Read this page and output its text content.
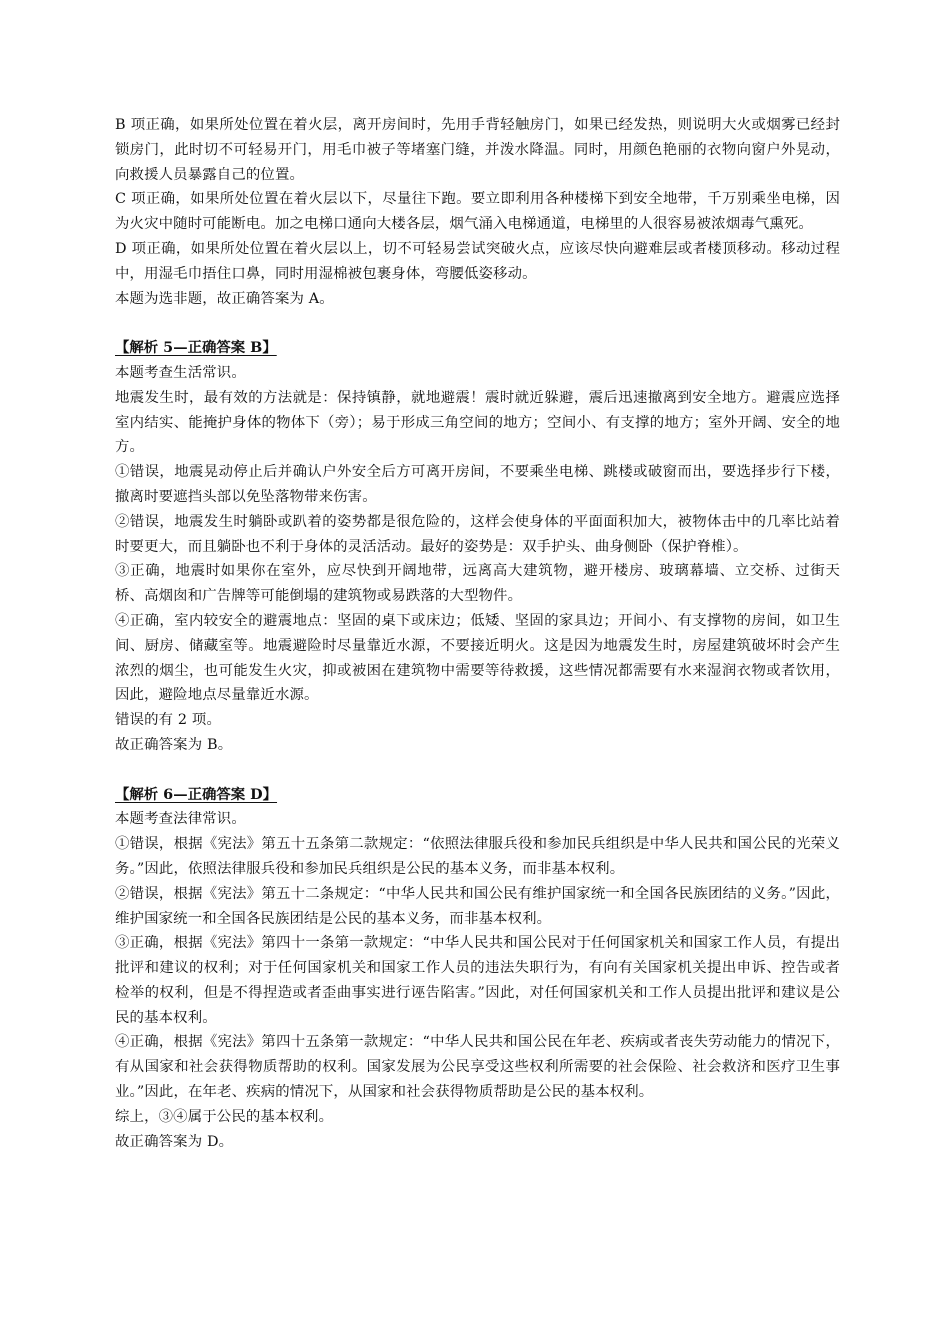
B 项正确，如果所处位置在着火层，离开房间时，先用手背轻触房门，如果已经发热，则说明大火或烟雾已经封锁房门，此时切不可轻易开门，用毛巾被子等堵塞门缝，并泼水降温。同时，用颜色艳丽的衣物向窗户外晃动，向救援人员暴露自己的位置。

C 项正确，如果所处位置在着火层以下，尽量往下跑。要立即利用各种楼梯下到安全地带，千万别乘坐电梯，因为火灾中随时可能断电。加之电梯口通向大楼各层，烟气涌入电梯通道，电梯里的人很容易被浓烟毒气熏死。

D 项正确，如果所处位置在着火层以上，切不可轻易尝试突破火点，应该尽快向避难层或者楼顶移动。移动过程中，用湿毛巾捂住口鼻，同时用湿棉被包裹身体，弯腰低姿移动。

本题为选非题，故正确答案为 A。

【解析 5—正确答案 B】

本题考查生活常识。

地震发生时，最有效的方法就是：保持镇静，就地避震！震时就近躲避，震后迅速撤离到安全地方。避震应选择室内结实、能掩护身体的物体下（旁）；易于形成三角空间的地方；空间小、有支撑的地方；室外开阔、安全的地方。

①错误，地震晃动停止后并确认户外安全后方可离开房间，不要乘坐电梯、跳楼或破窗而出，要选择步行下楼，撤离时要遮挡头部以免坠落物带来伤害。

②错误，地震发生时躺卧或趴着的姿势都是很危险的，这样会使身体的平面面积加大，被物体击中的几率比站着时要更大，而且躺卧也不利于身体的灵活活动。最好的姿势是：双手护头、曲身侧卧（保护脊椎）。

③正确，地震时如果你在室外，应尽快到开阔地带，远离高大建筑物，避开楼房、玻璃幕墙、立交桥、过街天桥、高烟囱和广告牌等可能倒塌的建筑物或易跌落的大型物件。

④正确，室内较安全的避震地点：坚固的桌下或床边；低矮、坚固的家具边；开间小、有支撑物的房间，如卫生间、厨房、储藏室等。地震避险时尽量靠近水源，不要接近明火。这是因为地震发生时，房屋建筑破坏时会产生浓烈的烟尘，也可能发生火灾，抑或被困在建筑物中需要等待救援，这些情况都需要有水来湿润衣物或者饮用，因此，避险地点尽量靠近水源。

错误的有 2 项。

故正确答案为 B。

【解析 6—正确答案 D】

本题考查法律常识。

①错误，根据《宪法》第五十五条第二款规定：“依照法律服兵役和参加民兵组织是中华人民共和国公民的光荣义务。”因此，依照法律服兵役和参加民兵组织是公民的基本义务，而非基本权利。

②错误，根据《宪法》第五十二条规定：“中华人民共和国公民有维护国家统一和全国各民族团结的义务。”因此，维护国家统一和全国各民族团结是公民的基本义务，而非基本权利。

③正确，根据《宪法》第四十一条第一款规定：“中华人民共和国公民对于任何国家机关和国家工作人员，有提出批评和建议的权利；对于任何国家机关和国家工作人员的违法失职行为，有向有关国家机关提出申诉、控告或者检举的权利，但是不得捏造或者歪曲事实进行诬告陷害。”因此，对任何国家机关和工作人员提出批评和建议是公民的基本权利。

④正确，根据《宪法》第四十五条第一款规定：“中华人民共和国公民在年老、疾病或者丧失劳动能力的情况下，有从国家和社会获得物质帮助的权利。国家发展为公民享受这些权利所需要的社会保险、社会救济和医疗卫生事业。”因此，在年老、疾病的情况下，从国家和社会获得物质帮助是公民的基本权利。

综上，③④属于公民的基本权利。

故正确答案为 D。
